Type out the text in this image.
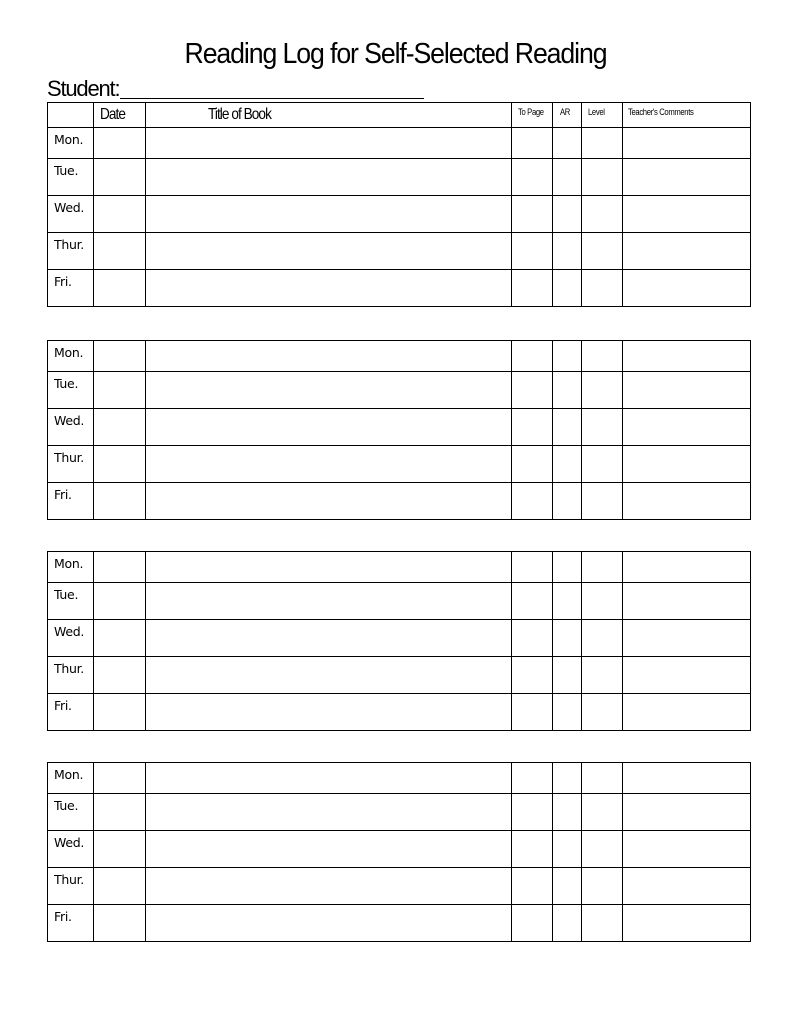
Reading Log for Self-Selected Reading
Student:
	Date	Title of Book	To Page	AR	Level	Teacher's Comments
Mon.						
Tue.						
Wed.						
Thur.						
Fri.						
Mon.						
Tue.						
Wed.						
Thur.						
Fri.						
Mon.						
Tue.						
Wed.						
Thur.						
Fri.						
Mon.						
Tue.						
Wed.						
Thur.						
Fri.						
